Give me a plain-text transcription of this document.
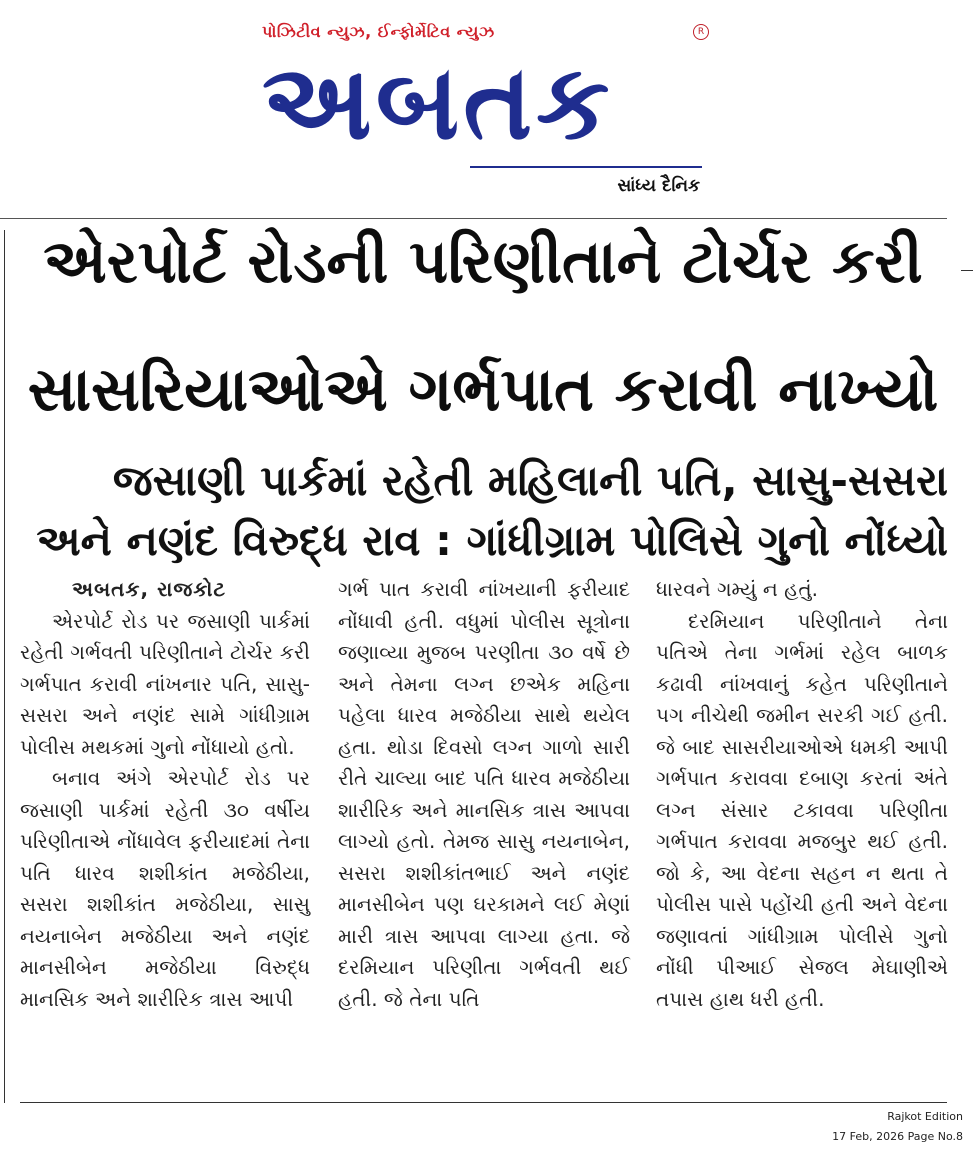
પોઝિટીવ ન્યુઝ, ઈન્ફોર્મેટિવ ન્યુઝ
અબતક
R
સાંધ્ય દૈનિક
એરપોર્ટ રોડની પરિણીતાને ટોર્ચર કરી
સાસરિયાઓએ ગર્ભપાત કરાવી નાખ્યો
જસાણી પાર્કમાં રહેતી મહિલાની પતિ, સાસુ-સસરા
અને નણંદ વિરુદ્ધ રાવ : ગાંધીગ્રામ પોલિસે ગુનો નોંધ્યો
અબતક, રાજકોટ

એરપોર્ટ રોડ પર જસાણી પાર્કમાં રહેતી ગર્ભવતી પરિણીતાને ટોર્ચર કરી ગર્ભપાત કરાવી નાંખનાર પતિ, સાસુ-સસરા અને નણંદ સામે ગાંધીગ્રામ પોલીસ મથકમાં ગુનો નોંધાયો હતો.

બનાવ અંગે એરપોર્ટ રોડ પર જસાણી પાર્કમાં રહેતી ૩૦ વર્ષીય પરિણીતાએ નોંધાવેલ ફરીયાદમાં તેના પતિ ધારવ શશીકાંત મજેઠીયા, સસરા શશીકાંત મજેઠીયા, સાસુ નયનાબેન મજેઠીયા અને નણંદ માનસીબેન મજેઠીયા વિરુદ્ધ માનસિક અને શારીરિક ત્રાસ આપી

ગર્ભ પાત કરાવી નાંખયાની ફરીયાદ નોંધાવી હતી. વધુમાં પોલીસ સૂત્રોના જણાવ્યા મુજબ પરણીતા ૩૦ વર્ષે છે અને તેમના લગ્ન છએક મહિના પહેલા ધારવ મજેઠીયા સાથે થયેલ હતા. થોડા દિવસો લગ્ન ગાળો સારી રીતે ચાલ્યા બાદ પતિ ધારવ મજેઠીયા શારીરિક અને માનસિક ત્રાસ આપવા લાગ્યો હતો. તેમજ સાસુ નયનાબેન, સસરા શશીકાંતભાઈ અને નણંદ માનસીબેન પણ ઘરકામને લઈ મેણાં મારી ત્રાસ આપવા લાગ્યા હતા. જે દરમિયાન પરિણીતા ગર્ભવતી થઈ હતી. જે તેના પતિ

ધારવને ગમ્યું ન હતું.

દરમિયાન પરિણીતાને તેના પતિએ તેના ગર્ભમાં રહેલ બાળક કઢાવી નાંખવાનું કહેત પરિણીતાને પગ નીચેથી જમીન સરકી ગઈ હતી. જે બાદ સાસરીયાઓએ ધમકી આપી ગર્ભપાત કરાવવા દબાણ કરતાં અંતે લગ્ન સંસાર ટકાવવા પરિણીતા ગર્ભપાત કરાવવા મજબુર થઈ હતી. જો કે, આ વેદના સહન ન થતા તે પોલીસ પાસે પહોંચી હતી અને વેદના જણાવતાં ગાંધીગ્રામ પોલીસે ગુનો નોંધી પીઆઈ સેજલ મેઘાણીએ તપાસ હાથ ધરી હતી.

Rajkot Edition
17 Feb, 2026 Page No.8
